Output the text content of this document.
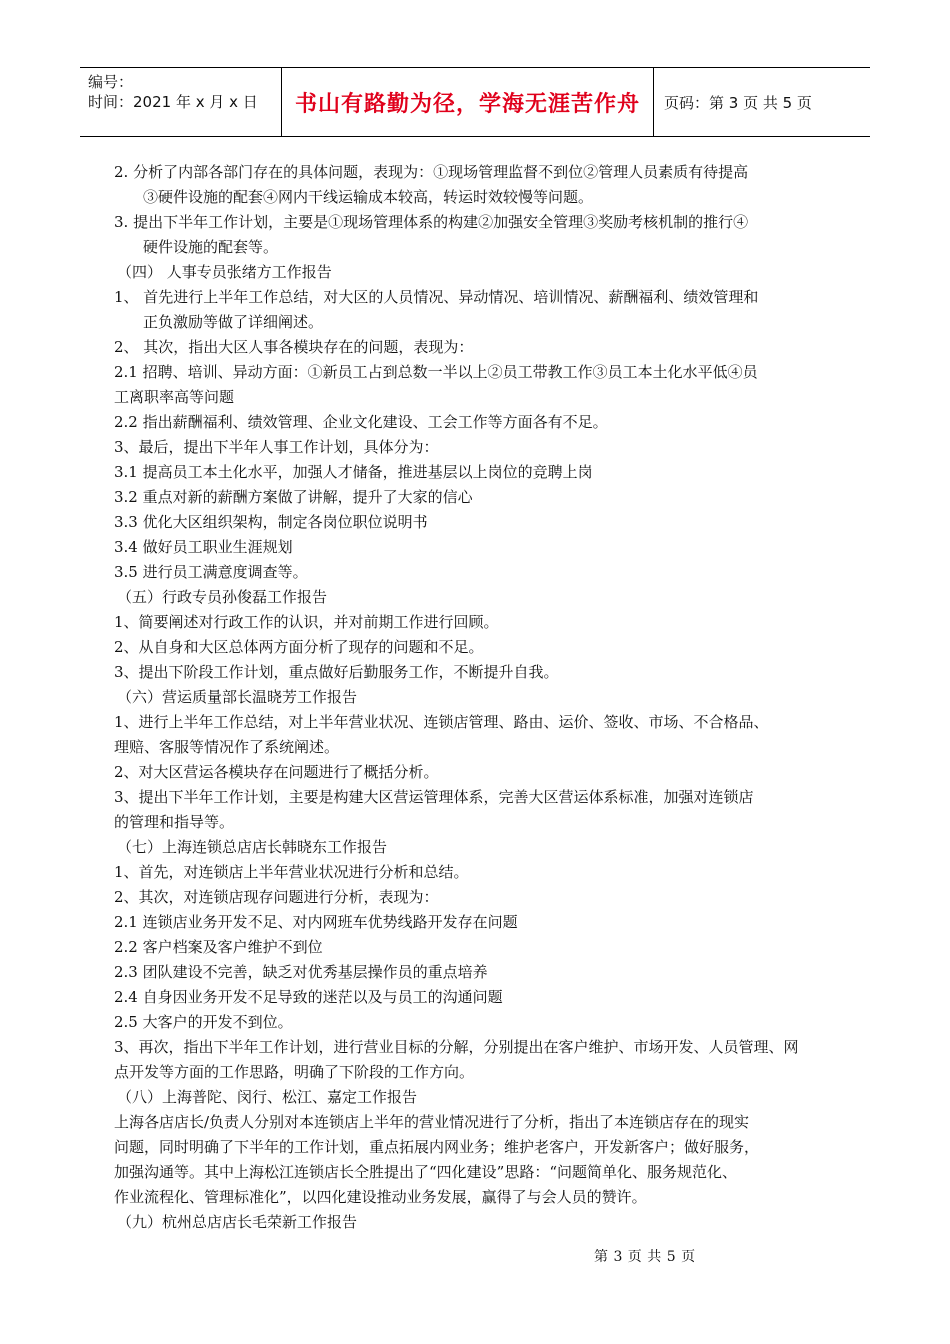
编号：
时间：2021 年 x 月 x 日	书山有路勤为径，学海无涯苦作舟	页码：第 3 页 共 5 页
2. 分析了内部各部门存在的具体问题，表现为：①现场管理监督不到位②管理人员素质有待提高
③硬件设施的配套④网内干线运输成本较高，转运时效较慢等问题。
3. 提出下半年工作计划，主要是①现场管理体系的构建②加强安全管理③奖励考核机制的推行④
硬件设施的配套等。
（四） 人事专员张绪方工作报告
1、 首先进行上半年工作总结，对大区的人员情况、异动情况、培训情况、薪酬福利、绩效管理和
正负激励等做了详细阐述。
2、 其次，指出大区人事各模块存在的问题，表现为：
2.1 招聘、培训、异动方面：①新员工占到总数一半以上②员工带教工作③员工本土化水平低④员
工离职率高等问题
2.2 指出薪酬福利、绩效管理、企业文化建设、工会工作等方面各有不足。
3、最后，提出下半年人事工作计划，具体分为：
3.1 提高员工本土化水平，加强人才储备，推进基层以上岗位的竞聘上岗
3.2 重点对新的薪酬方案做了讲解，提升了大家的信心
3.3 优化大区组织架构，制定各岗位职位说明书
3.4 做好员工职业生涯规划
3.5 进行员工满意度调查等。
（五）行政专员孙俊磊工作报告
1、简要阐述对行政工作的认识，并对前期工作进行回顾。
2、从自身和大区总体两方面分析了现存的问题和不足。
3、提出下阶段工作计划，重点做好后勤服务工作，不断提升自我。
（六）营运质量部长温晓芳工作报告
1、进行上半年工作总结，对上半年营业状况、连锁店管理、路由、运价、签收、市场、不合格品、
理赔、客服等情况作了系统阐述。
2、对大区营运各模块存在问题进行了概括分析。
3、提出下半年工作计划，主要是构建大区营运管理体系，完善大区营运体系标准，加强对连锁店
的管理和指导等。
（七）上海连锁总店店长韩晓东工作报告
1、首先，对连锁店上半年营业状况进行分析和总结。
2、其次，对连锁店现存问题进行分析，表现为：
2.1 连锁店业务开发不足、对内网班车优势线路开发存在问题
2.2 客户档案及客户维护不到位
2.3 团队建设不完善，缺乏对优秀基层操作员的重点培养
2.4 自身因业务开发不足导致的迷茫以及与员工的沟通问题
2.5 大客户的开发不到位。
3、再次，指出下半年工作计划，进行营业目标的分解，分别提出在客户维护、市场开发、人员管理、网
点开发等方面的工作思路，明确了下阶段的工作方向。
（八）上海普陀、闵行、松江、嘉定工作报告
上海各店店长/负责人分别对本连锁店上半年的营业情况进行了分析，指出了本连锁店存在的现实
问题，同时明确了下半年的工作计划，重点拓展内网业务；维护老客户，开发新客户；做好服务，
加强沟通等。其中上海松江连锁店长仝胜提出了“四化建设”思路：“问题简单化、服务规范化、
作业流程化、管理标准化”，以四化建设推动业务发展，赢得了与会人员的赞许。
（九）杭州总店店长毛荣新工作报告
第 3 页 共 5 页
